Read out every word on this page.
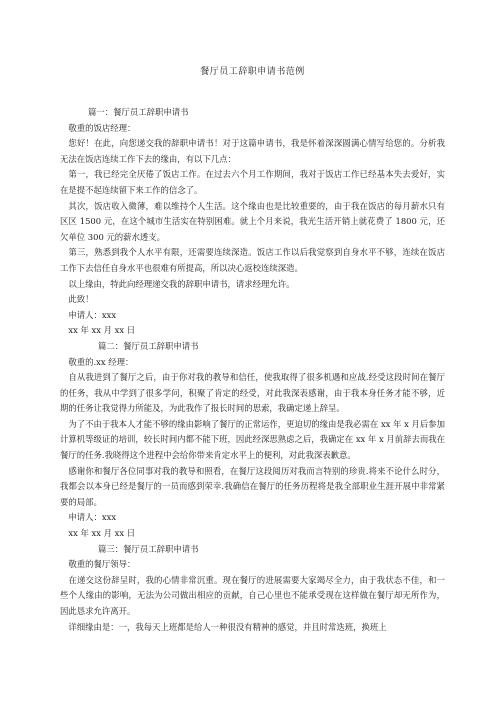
餐厅员工辞职申请书范例

篇一：餐厅员工辞职申请书

敬重的饭店经理：

您好！在此，向您递交我的辞职申请书！对于这篇申请书，我是怀着深深圆满心情写给您的。分析我无法在饭店连续工作下去的缘由，有以下几点：

第一，我已经完全厌倦了饭店工作。在过去六个月工作期间，我对于饭店工作已经基本失去爱好，实在是提不起连续留下来工作的信念了。

其次，饭店收入微薄，难以维持个人生活。这个缘由也是比较重要的，由于我在饭店的每月薪水只有区区 1500 元，在这个城市生活实在特别困难。就上个月来说，我光生活开销上就花费了 1800 元，还欠单位 300 元的薪水透支。

第三，熟悉到我个人水平有限，还需要连续深造。饭店工作以后我觉察到自身水平不够，连续在饭店工作下去信任自身水平也很难有所提高，所以决心返校连续深造。

以上缘由，特此向经理递交我的辞职申请书，请求经理允许。

此致！

申请人：xxx

xx 年 xx 月 xx 日

篇二：餐厅员工辞职申请书

敬重的.xx 经理：

自从我进到了餐厅之后，由于你对我的教导和信任，使我取得了很多机遇和应战.经受这段时间在餐厅的任务，我从中学到了很多学问，积聚了肯定的经受，对此我深表感谢，由于我本身任务才能不够，近期的任务让我觉得力所能及，为此我作了报长时间的思索，我确定递上辞呈。

为了不由于我本人才能不够的缘由影响了餐厅的正常运作，更迫切的缘由是我必需在 xx 年 x 月后参加计算机等级证的培训，较长时间内都不能下班，因此经深思熟虑之后，我确定在 xx 年 x 月前辞去而我在餐厅的任务.我晓得这个进程中会给你带来肯定水平上的便利，对此我深表歉意。

感谢你和餐厅各位同事对我的教导和照看，在餐厅这段阅历对我而言特别的珍贵.将来不论什么时分，我都会以本身已经是餐厅的一员而感到荣幸.我确信在餐厅的任务历程将是我全部职业生涯开展中非常紧要的局部。

申请人：xxx

xx 年 xx 月 xx 日

篇三：餐厅员工辞职申请书

敬重的餐厅领导：

在递交这份辞呈时，我的心情非常沉重。现在餐厅的进展需要大家竭尽全力，由于我状态不佳，和一些个人缘由的影响，无法为公司做出相应的贡献，自己心里也不能承受现在这样做在餐厅却无所作为，因此恳求允许离开。

详细缘由是：一，我每天上班都是给人一种很没有精神的感觉，并且时常迭班，换班上
